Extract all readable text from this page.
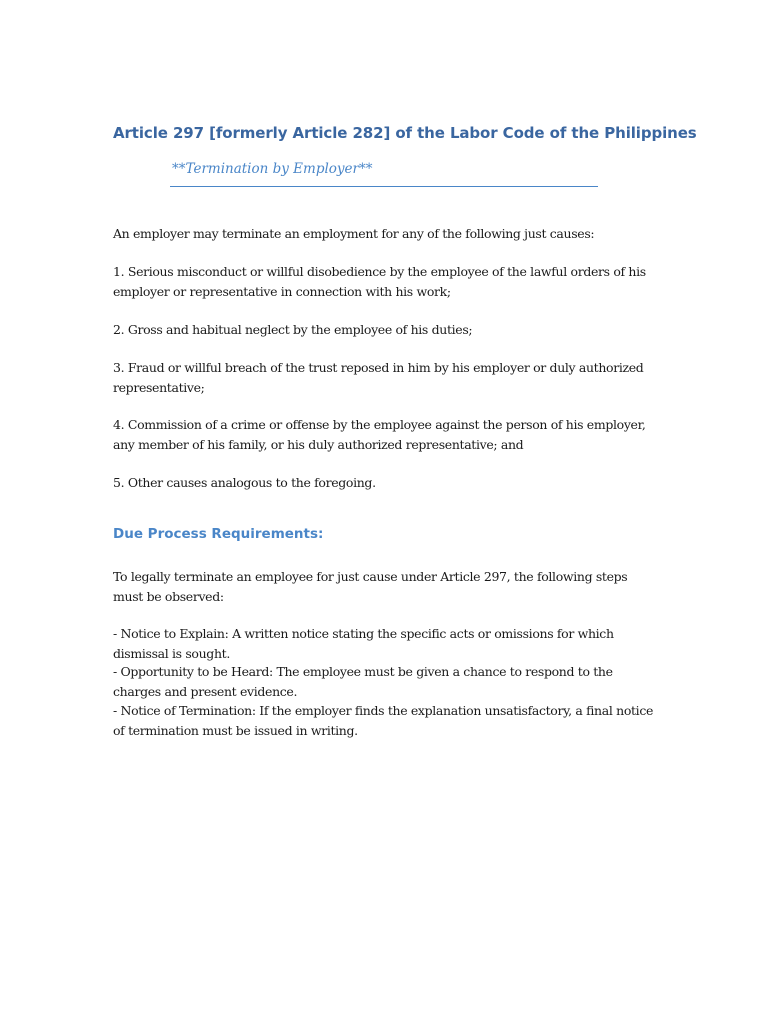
Article 297 [formerly Article 282] of the Labor Code of the Philippines
**Termination by Employer**
An employer may terminate an employment for any of the following just causes:
1. Serious misconduct or willful disobedience by the employee of the lawful orders of his employer or representative in connection with his work;
2. Gross and habitual neglect by the employee of his duties;
3. Fraud or willful breach of the trust reposed in him by his employer or duly authorized representative;
4. Commission of a crime or offense by the employee against the person of his employer, any member of his family, or his duly authorized representative; and
5. Other causes analogous to the foregoing.
Due Process Requirements:
To legally terminate an employee for just cause under Article 297, the following steps must be observed:
- Notice to Explain: A written notice stating the specific acts or omissions for which dismissal is sought.
- Opportunity to be Heard: The employee must be given a chance to respond to the charges and present evidence.
- Notice of Termination: If the employer finds the explanation unsatisfactory, a final notice of termination must be issued in writing.
